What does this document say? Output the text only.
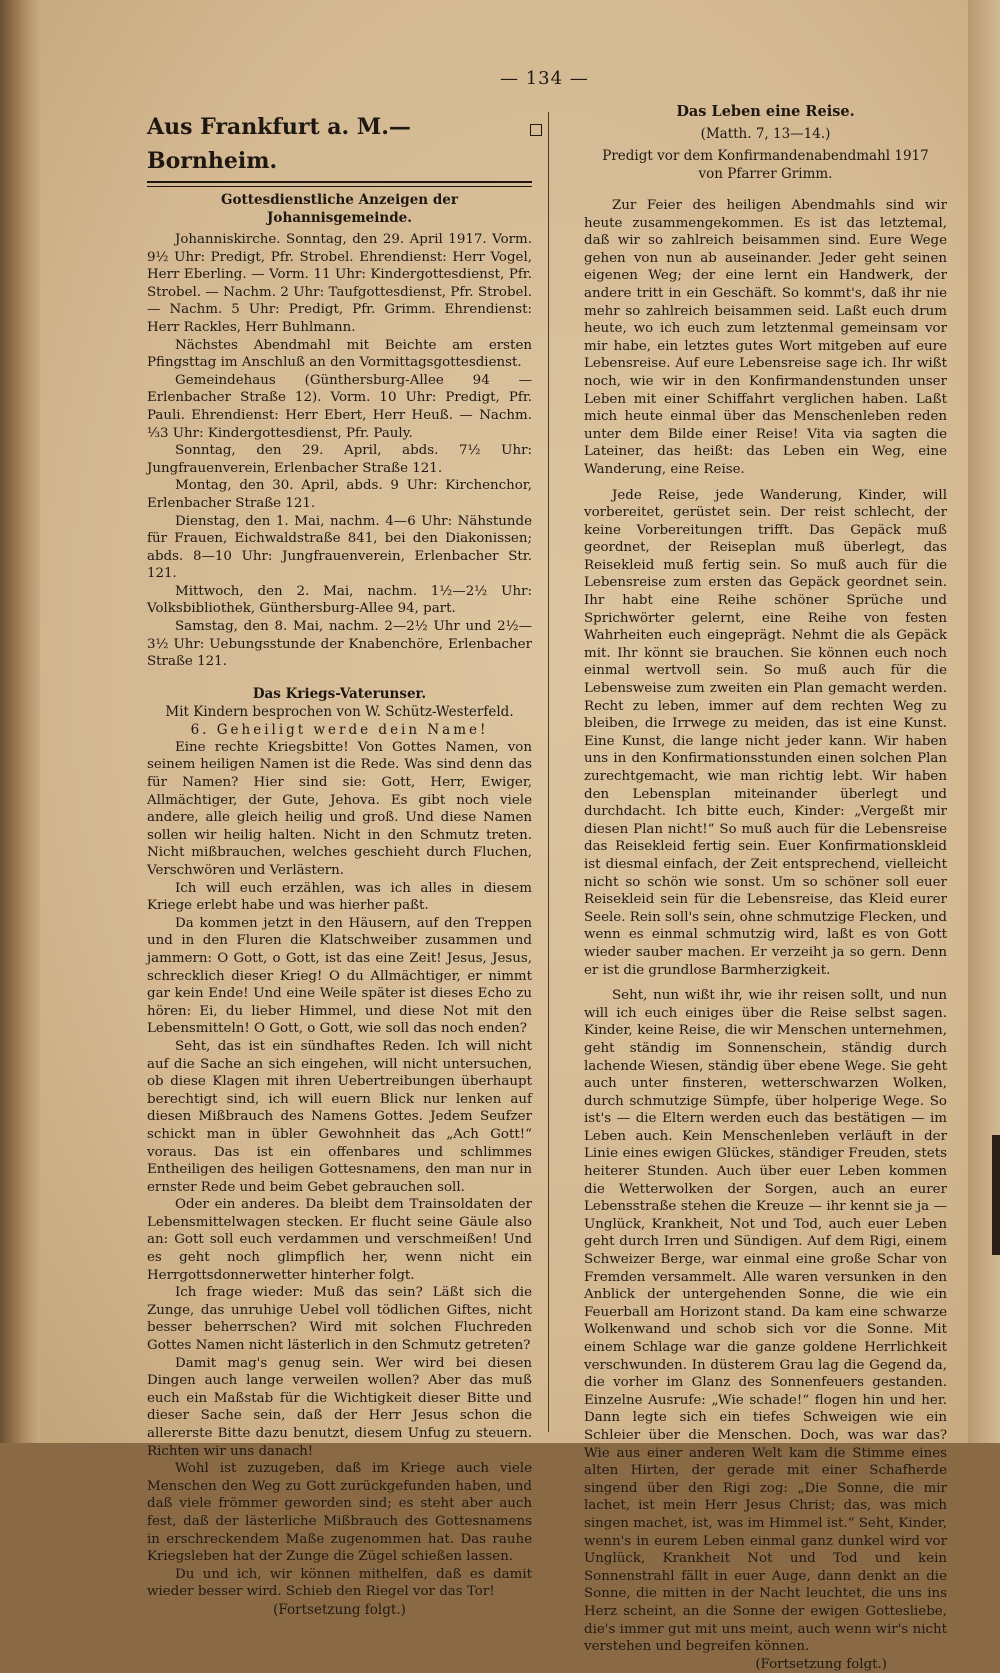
— 134 —
Aus Frankfurt a. M.—Bornheim.

Gottesdienstliche Anzeigen der Johannisgemeinde.

Johanniskirche. Sonntag, den 29. April 1917. Vorm. 9½ Uhr: Predigt, Pfr. Strobel. Ehrendienst: Herr Vogel, Herr Eberling. — Vorm. 11 Uhr: Kindergottesdienst, Pfr. Strobel. — Nachm. 2 Uhr: Taufgottesdienst, Pfr. Strobel. — Nachm. 5 Uhr: Predigt, Pfr. Grimm. Ehrendienst: Herr Rackles, Herr Buhlmann.

Nächstes Abendmahl mit Beichte am ersten Pfingsttag im Anschluß an den Vormittagsgottesdienst.

Gemeindehaus (Günthersburg-Allee 94 — Erlenbacher Straße 12). Vorm. 10 Uhr: Predigt, Pfr. Pauli. Ehrendienst: Herr Ebert, Herr Heuß. — Nachm. ⅓3 Uhr: Kindergottesdienst, Pfr. Pauly.

Sonntag, den 29. April, abds. 7½ Uhr: Jungfrauenverein, Erlenbacher Straße 121.

Montag, den 30. April, abds. 9 Uhr: Kirchenchor, Erlenbacher Straße 121.

Dienstag, den 1. Mai, nachm. 4—6 Uhr: Nähstunde für Frauen, Eichwaldstraße 841, bei den Diakonissen; abds. 8—10 Uhr: Jungfrauenverein, Erlenbacher Str. 121.

Mittwoch, den 2. Mai, nachm. 1½—2½ Uhr: Volksbibliothek, Günthersburg-Allee 94, part.

Samstag, den 8. Mai, nachm. 2—2½ Uhr und 2½—3½ Uhr: Uebungsstunde der Knabenchöre, Erlenbacher Straße 121.

Das Kriegs-Vaterunser.

Mit Kindern besprochen von W. Schütz-Westerfeld.

6. Geheiligt werde dein Name!

Eine rechte Kriegsbitte! Von Gottes Namen, von seinem heiligen Namen ist die Rede. Was sind denn das für Namen? Hier sind sie: Gott, Herr, Ewiger, Allmächtiger, der Gute, Jehova. Es gibt noch viele andere, alle gleich heilig und groß. Und diese Namen sollen wir heilig halten. Nicht in den Schmutz treten. Nicht mißbrauchen, welches geschieht durch Fluchen, Verschwören und Verlästern.

Ich will euch erzählen, was ich alles in diesem Kriege erlebt habe und was hierher paßt.

Da kommen jetzt in den Häusern, auf den Treppen und in den Fluren die Klatschweiber zusammen und jammern: O Gott, o Gott, ist das eine Zeit! Jesus, Jesus, schrecklich dieser Krieg! O du Allmächtiger, er nimmt gar kein Ende! Und eine Weile später ist dieses Echo zu hören: Ei, du lieber Himmel, und diese Not mit den Lebensmitteln! O Gott, o Gott, wie soll das noch enden?

Seht, das ist ein sündhaftes Reden. Ich will nicht auf die Sache an sich eingehen, will nicht untersuchen, ob diese Klagen mit ihren Uebertreibungen überhaupt berechtigt sind, ich will euern Blick nur lenken auf diesen Mißbrauch des Namens Gottes. Jedem Seufzer schickt man in übler Gewohnheit das „Ach Gott!“ voraus. Das ist ein offenbares und schlimmes Entheiligen des heiligen Gottesnamens, den man nur in ernster Rede und beim Gebet gebrauchen soll.

Oder ein anderes. Da bleibt dem Trainsoldaten der Lebensmittelwagen stecken. Er flucht seine Gäule also an: Gott soll euch verdammen und verschmeißen! Und es geht noch glimpflich her, wenn nicht ein Herrgottsdonnerwetter hinterher folgt.

Ich frage wieder: Muß das sein? Läßt sich die Zunge, das unruhige Uebel voll tödlichen Giftes, nicht besser beherrschen? Wird mit solchen Fluchreden Gottes Namen nicht lästerlich in den Schmutz getreten?

Damit mag's genug sein. Wer wird bei diesen Dingen auch lange verweilen wollen? Aber das muß euch ein Maßstab für die Wichtigkeit dieser Bitte und dieser Sache sein, daß der Herr Jesus schon die allererste Bitte dazu benutzt, diesem Unfug zu steuern. Richten wir uns danach!

Wohl ist zuzugeben, daß im Kriege auch viele Menschen den Weg zu Gott zurückgefunden haben, und daß viele frömmer geworden sind; es steht aber auch fest, daß der lästerliche Mißbrauch des Gottesnamens in erschreckendem Maße zugenommen hat. Das rauhe Kriegsleben hat der Zunge die Zügel schießen lassen.

Du und ich, wir können mithelfen, daß es damit wieder besser wird. Schieb den Riegel vor das Tor!

(Fortsetzung folgt.)

Das Leben eine Reise.

(Matth. 7, 13—14.)

Predigt vor dem Konfirmandenabendmahl 1917

von Pfarrer Grimm.

Zur Feier des heiligen Abendmahls sind wir heute zusammengekommen. Es ist das letztemal, daß wir so zahlreich beisammen sind. Eure Wege gehen von nun ab auseinander. Jeder geht seinen eigenen Weg; der eine lernt ein Handwerk, der andere tritt in ein Geschäft. So kommt's, daß ihr nie mehr so zahlreich beisammen seid. Laßt euch drum heute, wo ich euch zum letztenmal gemeinsam vor mir habe, ein letztes gutes Wort mitgeben auf eure Lebensreise. Auf eure Lebensreise sage ich. Ihr wißt noch, wie wir in den Konfirmandenstunden unser Leben mit einer Schiffahrt verglichen haben. Laßt mich heute einmal über das Menschenleben reden unter dem Bilde einer Reise! Vita via sagten die Lateiner, das heißt: das Leben ein Weg, eine Wanderung, eine Reise.

Jede Reise, jede Wanderung, Kinder, will vorbereitet, gerüstet sein. Der reist schlecht, der keine Vorbereitungen trifft. Das Gepäck muß geordnet, der Reiseplan muß überlegt, das Reisekleid muß fertig sein. So muß auch für die Lebensreise zum ersten das Gepäck geordnet sein. Ihr habt eine Reihe schöner Sprüche und Sprichwörter gelernt, eine Reihe von festen Wahrheiten euch eingeprägt. Nehmt die als Gepäck mit. Ihr könnt sie brauchen. Sie können euch noch einmal wertvoll sein. So muß auch für die Lebensweise zum zweiten ein Plan gemacht werden. Recht zu leben, immer auf dem rechten Weg zu bleiben, die Irrwege zu meiden, das ist eine Kunst. Eine Kunst, die lange nicht jeder kann. Wir haben uns in den Konfirmationsstunden einen solchen Plan zurechtgemacht, wie man richtig lebt. Wir haben den Lebensplan miteinander überlegt und durchdacht. Ich bitte euch, Kinder: „Vergeßt mir diesen Plan nicht!“ So muß auch für die Lebensreise das Reisekleid fertig sein. Euer Konfirmationskleid ist diesmal einfach, der Zeit entsprechend, vielleicht nicht so schön wie sonst. Um so schöner soll euer Reisekleid sein für die Lebensreise, das Kleid eurer Seele. Rein soll's sein, ohne schmutzige Flecken, und wenn es einmal schmutzig wird, laßt es von Gott wieder sauber machen. Er verzeiht ja so gern. Denn er ist die grundlose Barmherzigkeit.

Seht, nun wißt ihr, wie ihr reisen sollt, und nun will ich euch einiges über die Reise selbst sagen. Kinder, keine Reise, die wir Menschen unternehmen, geht ständig im Sonnenschein, ständig durch lachende Wiesen, ständig über ebene Wege. Sie geht auch unter finsteren, wetterschwarzen Wolken, durch schmutzige Sümpfe, über holperige Wege. So ist's — die Eltern werden euch das bestätigen — im Leben auch. Kein Menschenleben verläuft in der Linie eines ewigen Glückes, ständiger Freuden, stets heiterer Stunden. Auch über euer Leben kommen die Wetterwolken der Sorgen, auch an eurer Lebensstraße stehen die Kreuze — ihr kennt sie ja — Unglück, Krankheit, Not und Tod, auch euer Leben geht durch Irren und Sündigen. Auf dem Rigi, einem Schweizer Berge, war einmal eine große Schar von Fremden versammelt. Alle waren versunken in den Anblick der untergehenden Sonne, die wie ein Feuerball am Horizont stand. Da kam eine schwarze Wolkenwand und schob sich vor die Sonne. Mit einem Schlage war die ganze goldene Herrlichkeit verschwunden. In düsterem Grau lag die Gegend da, die vorher im Glanz des Sonnenfeuers gestanden. Einzelne Ausrufe: „Wie schade!“ flogen hin und her. Dann legte sich ein tiefes Schweigen wie ein Schleier über die Menschen. Doch, was war das? Wie aus einer anderen Welt kam die Stimme eines alten Hirten, der gerade mit einer Schafherde singend über den Rigi zog: „Die Sonne, die mir lachet, ist mein Herr Jesus Christ; das, was mich singen machet, ist, was im Himmel ist.“ Seht, Kinder, wenn's in eurem Leben einmal ganz dunkel wird vor Unglück, Krankheit Not und Tod und kein Sonnenstrahl fällt in euer Auge, dann denkt an die Sonne, die mitten in der Nacht leuchtet, die uns ins Herz scheint, an die Sonne der ewigen Gottesliebe, die's immer gut mit uns meint, auch wenn wir's nicht verstehen und begreifen können.

(Fortsetzung folgt.)
